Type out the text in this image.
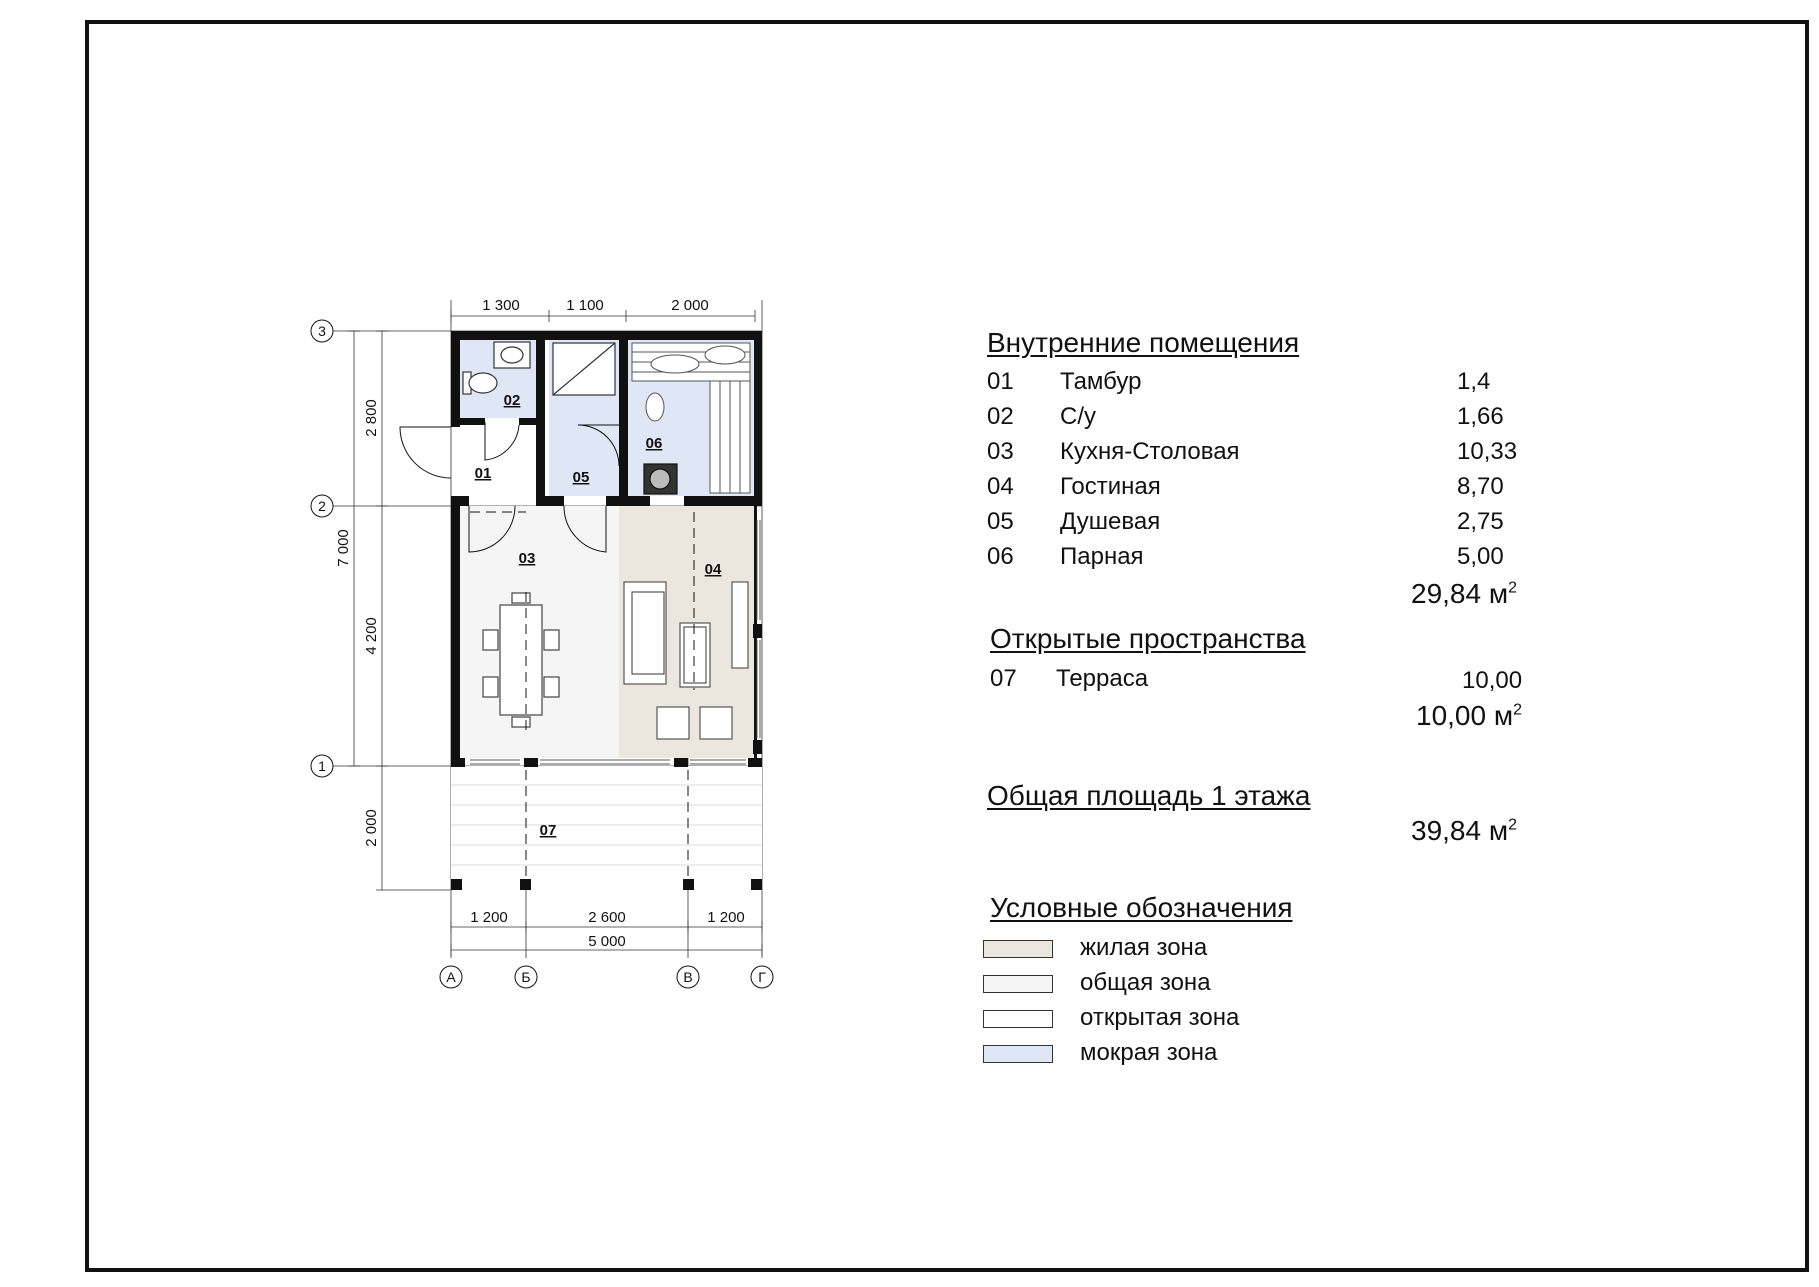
02
01	05
06
03
04
07
1 300	1 100	2 000
2 800
4 200
2 000
7 000
1 200	2 600	1 200
5 000
3
2
1
А	Б	В	Г
Внутренние помещения
01 Тамбур	1,4
02 С/у	1,66
03 Кухня-Столовая	10,33
04 Гостиная	8,70
05 Душевая	2,75
06 Парная	5,00
29,84 $м^2$
Открытые пространства
07 Терраса	10,00
10,00 $м^2$
Общая площадь 1 этажа
39,84 $м^2$
Условные обозначения
жилая зона
общая зона
открытая зона
мокрая зона
